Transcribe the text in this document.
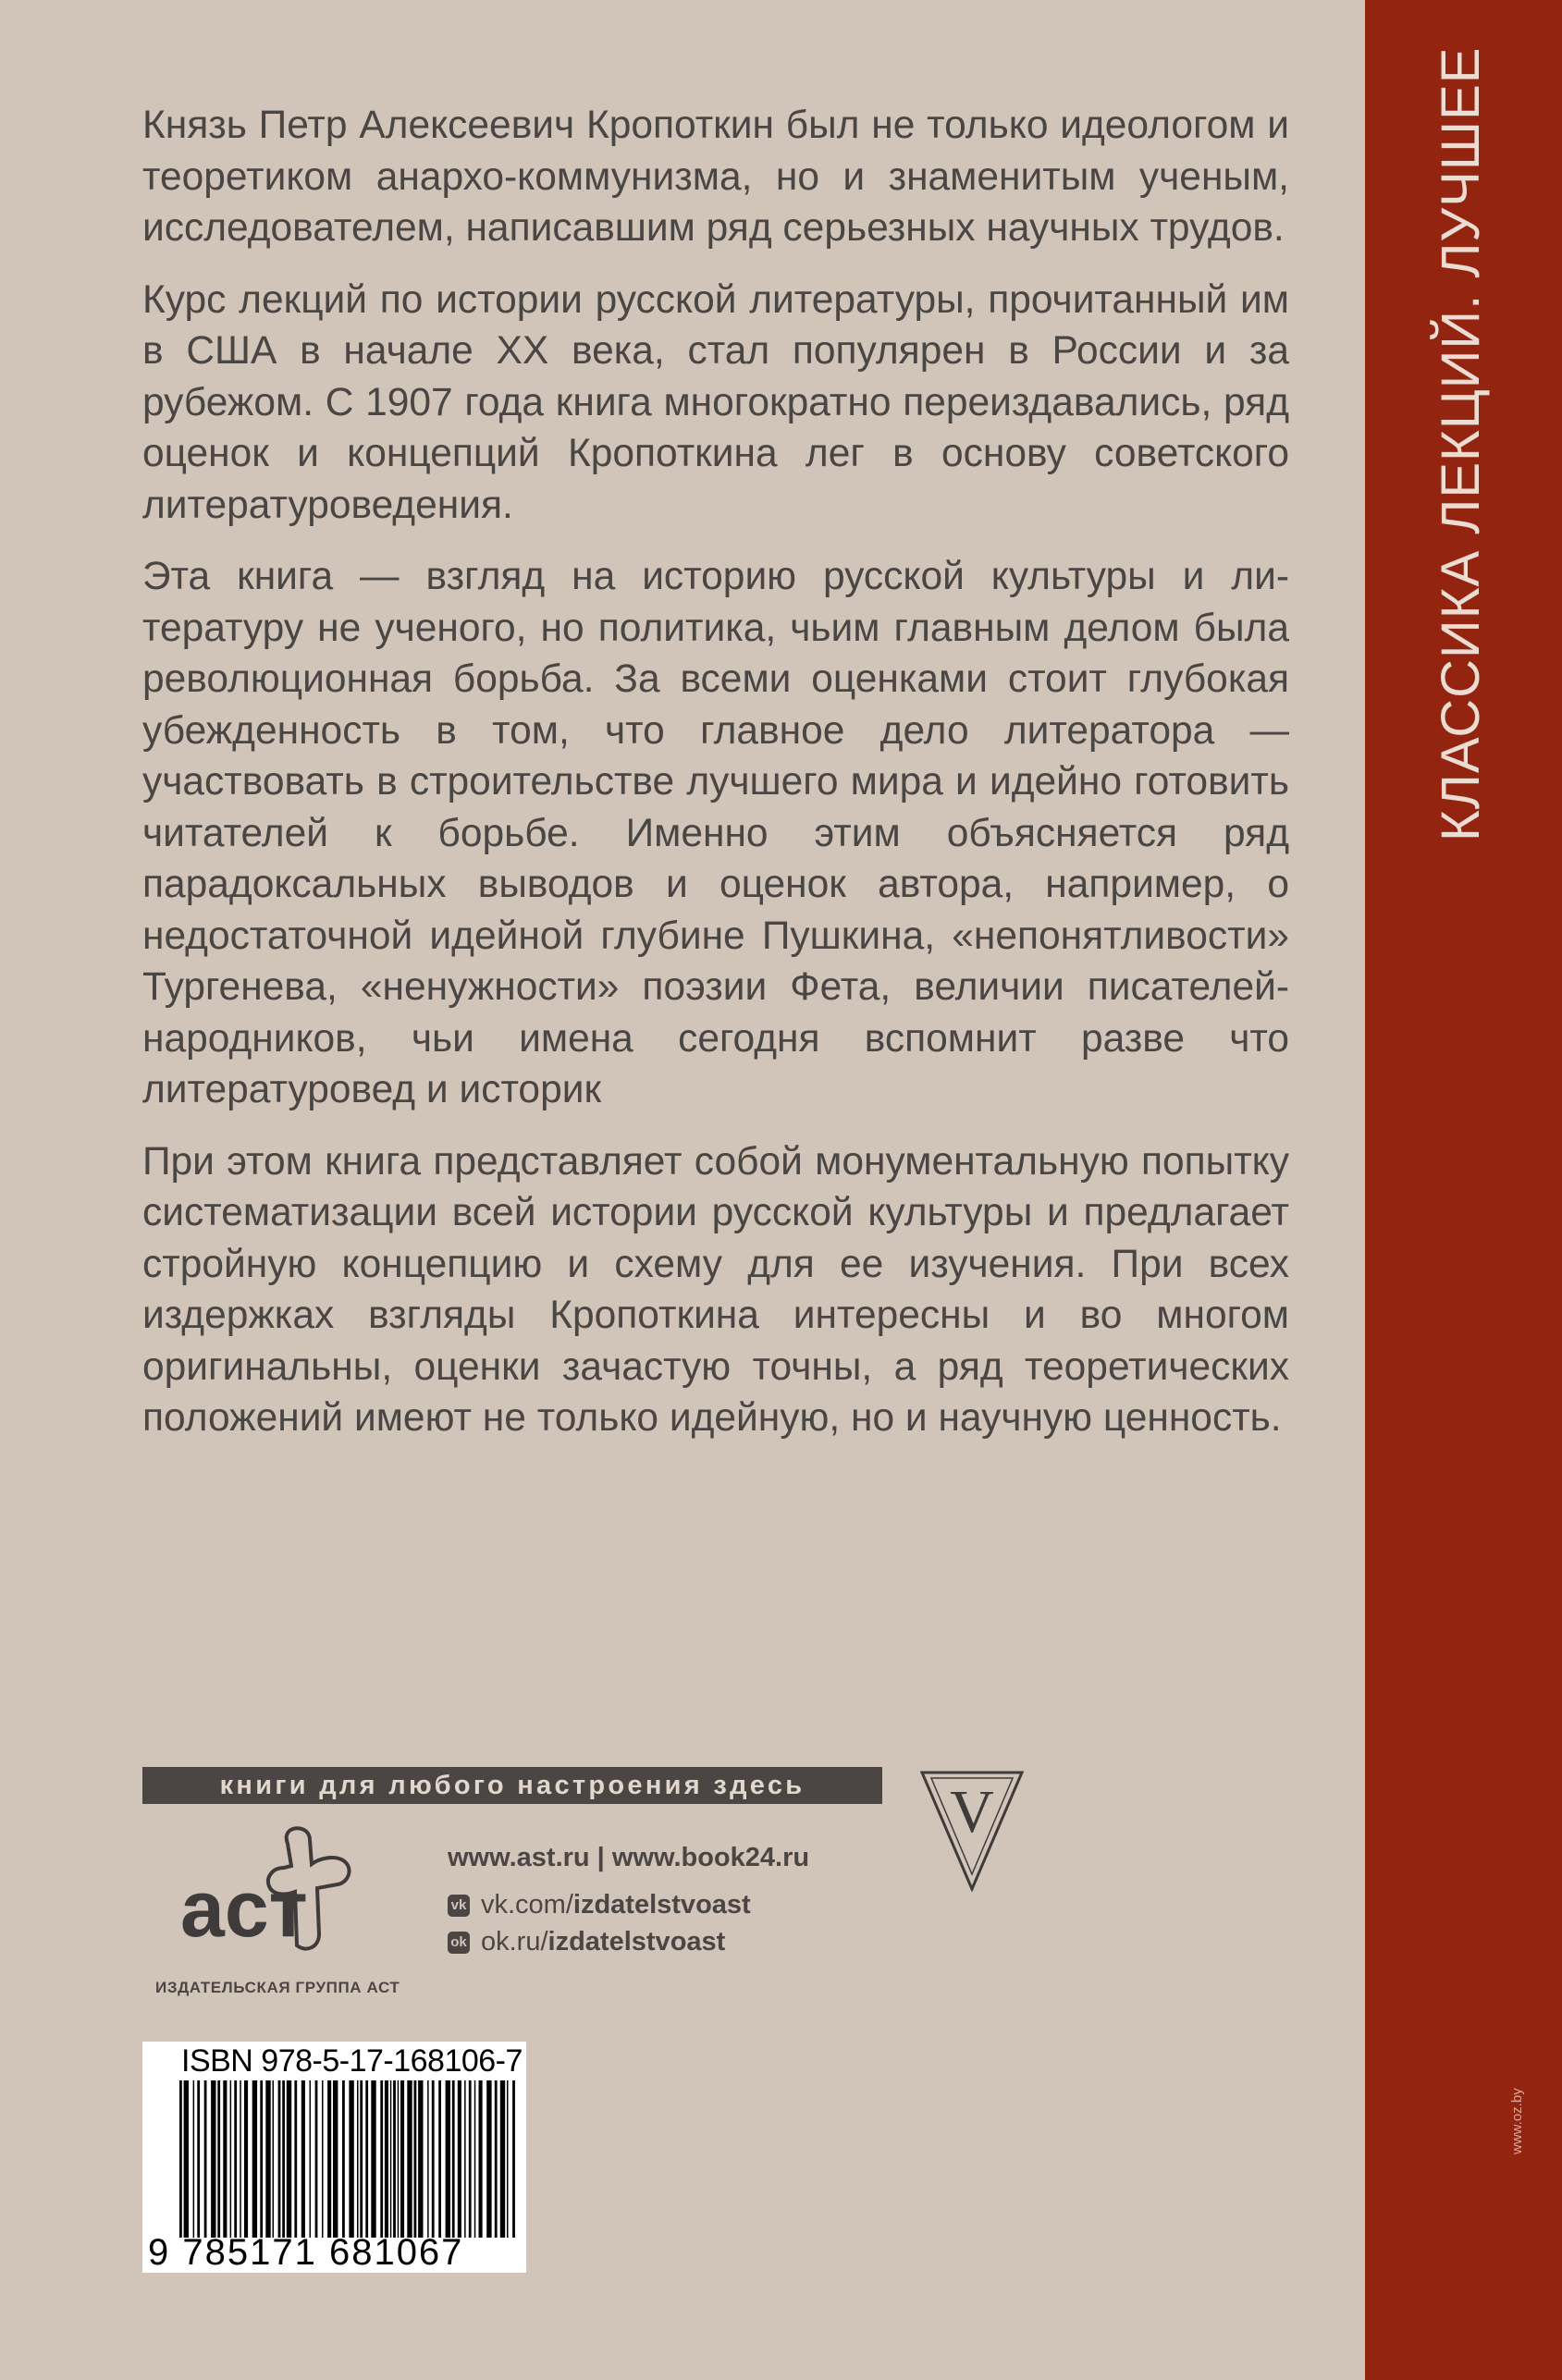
КЛАССИКА ЛЕКЦИЙ. ЛУЧШЕЕ
www.oz.by

Князь Петр Алексеевич Кропоткин был не только идеологом и теоретиком анархо-коммунизма, но и знаменитым ученым, исследователем, написавшим ряд серьезных научных трудов.

Курс лекций по истории русской литературы, прочитанный им в США в начале XX века, стал популярен в России и за рубежом. С 1907 года книга многократно переиздавались, ряд оценок и концепций Кропоткина лег в основу советского литературоведения.

Эта книга — взгляд на историю русской культуры и литературу не ученого, но политика, чьим главным делом была революционная борьба. За всеми оценками стоит глубокая убежденность в том, что главное дело литератора — участвовать в строительстве лучшего мира и идейно готовить читателей к борьбе. Именно этим объясняется ряд парадоксальных выводов и оценок автора, например, о недостаточной идейной глубине Пушкина, «непонятливости» Тургенева, «ненужности» поэзии Фета, величии писателей-народников, чьи имена сегодня вспомнит разве что литературовед и историк

При этом книга представляет собой монументальную попытку систематизации всей истории русской культуры и предлагает стройную концепцию и схему для ее изучения. При всех издержках взгляды Кропоткина интересны и во многом оригинальны, оценки зачастую точны, а ряд теоретических положений имеют не только идейную, но и научную ценность.

книги для любого настроения здесь	V
аст
ИЗДАТЕЛЬСКАЯ ГРУППА АСТ
www.ast.ru | www.book24.ru
vk vk.com/ izdatelstvoast
ok ok.ru/ izdatelstvoast
ISBN 978-5-17-168106-7
9 785171 681067
